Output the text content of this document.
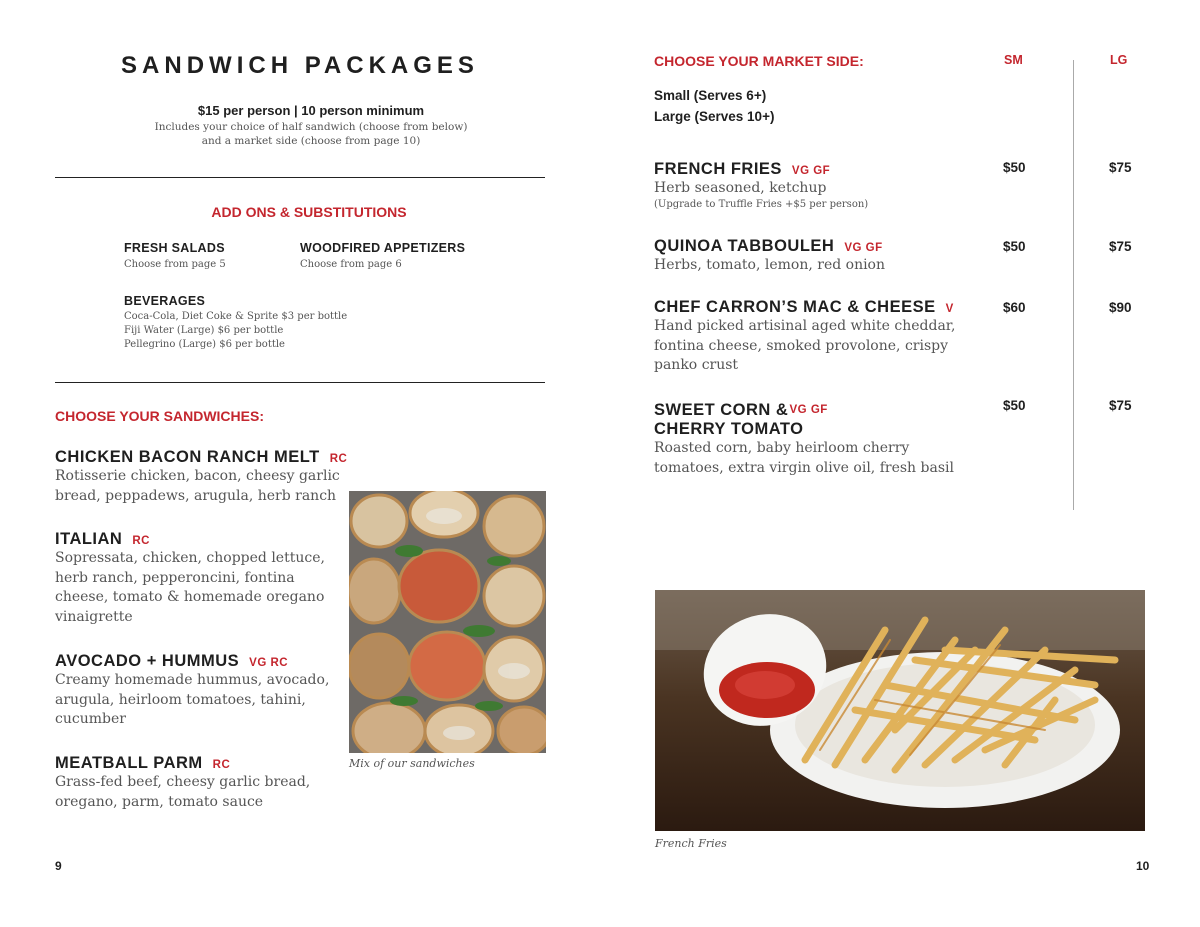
SANDWICH PACKAGES
$15 per person | 10 person minimum
Includes your choice of half sandwich (choose from below)
and a market side (choose from page 10)
ADD ONS & SUBSTITUTIONS
FRESH SALADS
Choose from page 5
WOODFIRED APPETIZERS
Choose from page 6
BEVERAGES
Coca-Cola, Diet Coke & Sprite $3 per bottle
Fiji Water (Large) $6 per bottle
Pellegrino (Large) $6 per bottle
CHOOSE YOUR SANDWICHES:
CHICKEN BACON RANCH MELT RC
Rotisserie chicken, bacon, cheesy garlic
bread, peppadews, arugula, herb ranch
ITALIAN RC
Sopressata, chicken, chopped lettuce,
herb ranch, pepperoncini, fontina
cheese, tomato & homemade oregano
vinaigrette
AVOCADO + HUMMUS VG RC
Creamy homemade hummus, avocado,
arugula, heirloom tomatoes, tahini,
cucumber
MEATBALL PARM RC
Grass-fed beef, cheesy garlic bread,
oregano, parm, tomato sauce
Mix of our sandwiches
9
CHOOSE YOUR MARKET SIDE:	SM	LG
Small (Serves 6+)
Large (Serves 10+)
FRENCH FRIES VG GF
Herb seasoned, ketchup
(Upgrade to Truffle Fries +$5 per person)
$50	$75
QUINOA TABBOULEH VG GF
Herbs, tomato, lemon, red onion
$50	$75
CHEF CARRON’S MAC & CHEESE V
Hand picked artisinal aged white cheddar,
fontina cheese, smoked provolone, crispy
panko crust
$60	$90
SWEET CORN &
CHERRY TOMATO
$^{VG GF}$
Roasted corn, baby heirloom cherry
tomatoes, extra virgin olive oil, fresh basil
$50	$75
French Fries
10
